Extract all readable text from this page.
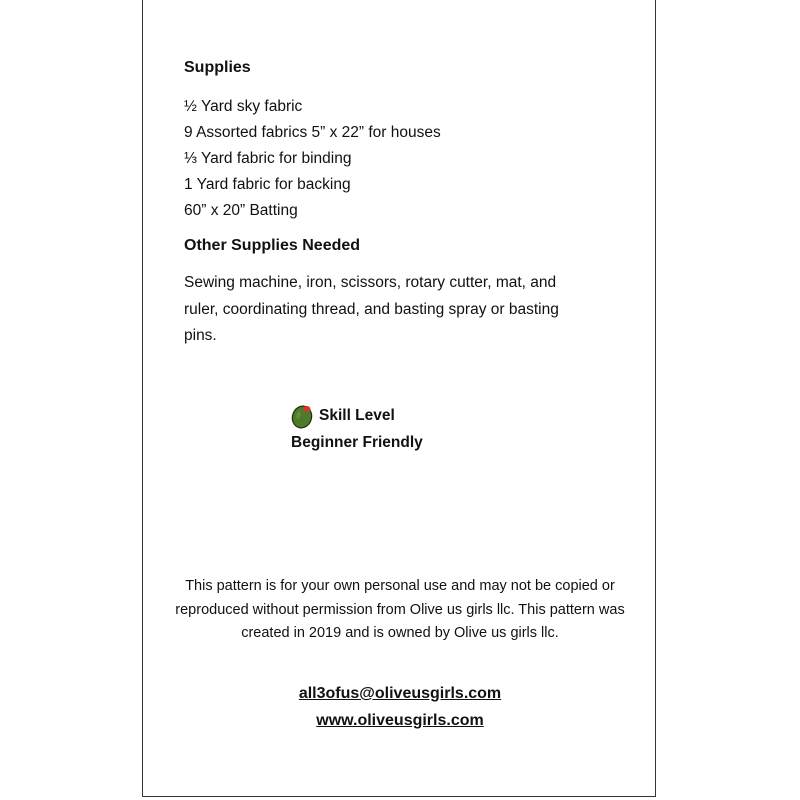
Supplies
½ Yard sky fabric
9 Assorted fabrics 5” x 22” for houses
⅓ Yard fabric for binding
1 Yard fabric for backing
60” x 20” Batting
Other Supplies Needed
Sewing machine, iron, scissors, rotary cutter, mat, and ruler, coordinating thread, and basting spray or basting pins.
Skill Level
Beginner Friendly
This pattern is for your own personal use and may not be copied or reproduced without permission from Olive us girls llc. This pattern was created in 2019 and is owned by Olive us girls llc.
all3ofus@oliveusgirls.com
www.oliveusgirls.com
